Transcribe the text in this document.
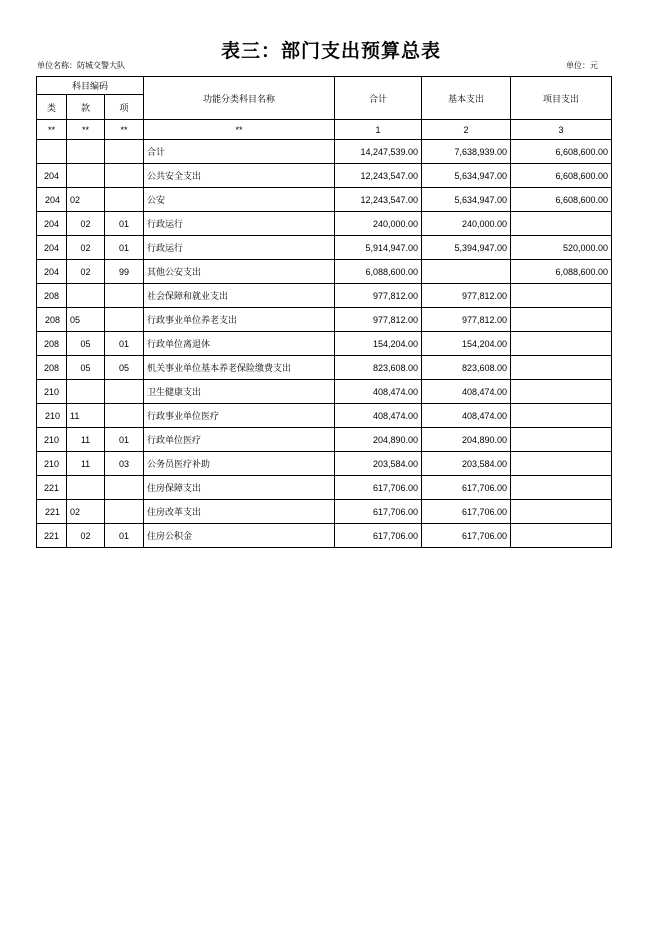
表三：部门支出预算总表
单位名称：防城交警大队	单位：元
科目编码			功能分类科目名称	合计	基本支出	项目支出
类	款	项				
**	**	**	**	1	2	3
			合计	14,247,539.00	7,638,939.00	6,608,600.00
204			公共安全支出	12,243,547.00	5,634,947.00	6,608,600.00
204	02		公安	12,243,547.00	5,634,947.00	6,608,600.00
204	02	01	行政运行	240,000.00	240,000.00	
204	02	01	行政运行	5,914,947.00	5,394,947.00	520,000.00
204	02	99	其他公安支出	6,088,600.00		6,088,600.00
208			社会保障和就业支出	977,812.00	977,812.00	
208	05		行政事业单位养老支出	977,812.00	977,812.00	
208	05	01	行政单位离退休	154,204.00	154,204.00	
208	05	05	机关事业单位基本养老保险缴费支出	823,608.00	823,608.00	
210			卫生健康支出	408,474.00	408,474.00	
210	11		行政事业单位医疗	408,474.00	408,474.00	
210	11	01	行政单位医疗	204,890.00	204,890.00	
210	11	03	公务员医疗补助	203,584.00	203,584.00	
221			住房保障支出	617,706.00	617,706.00	
221	02		住房改革支出	617,706.00	617,706.00	
221	02	01	住房公积金	617,706.00	617,706.00	
